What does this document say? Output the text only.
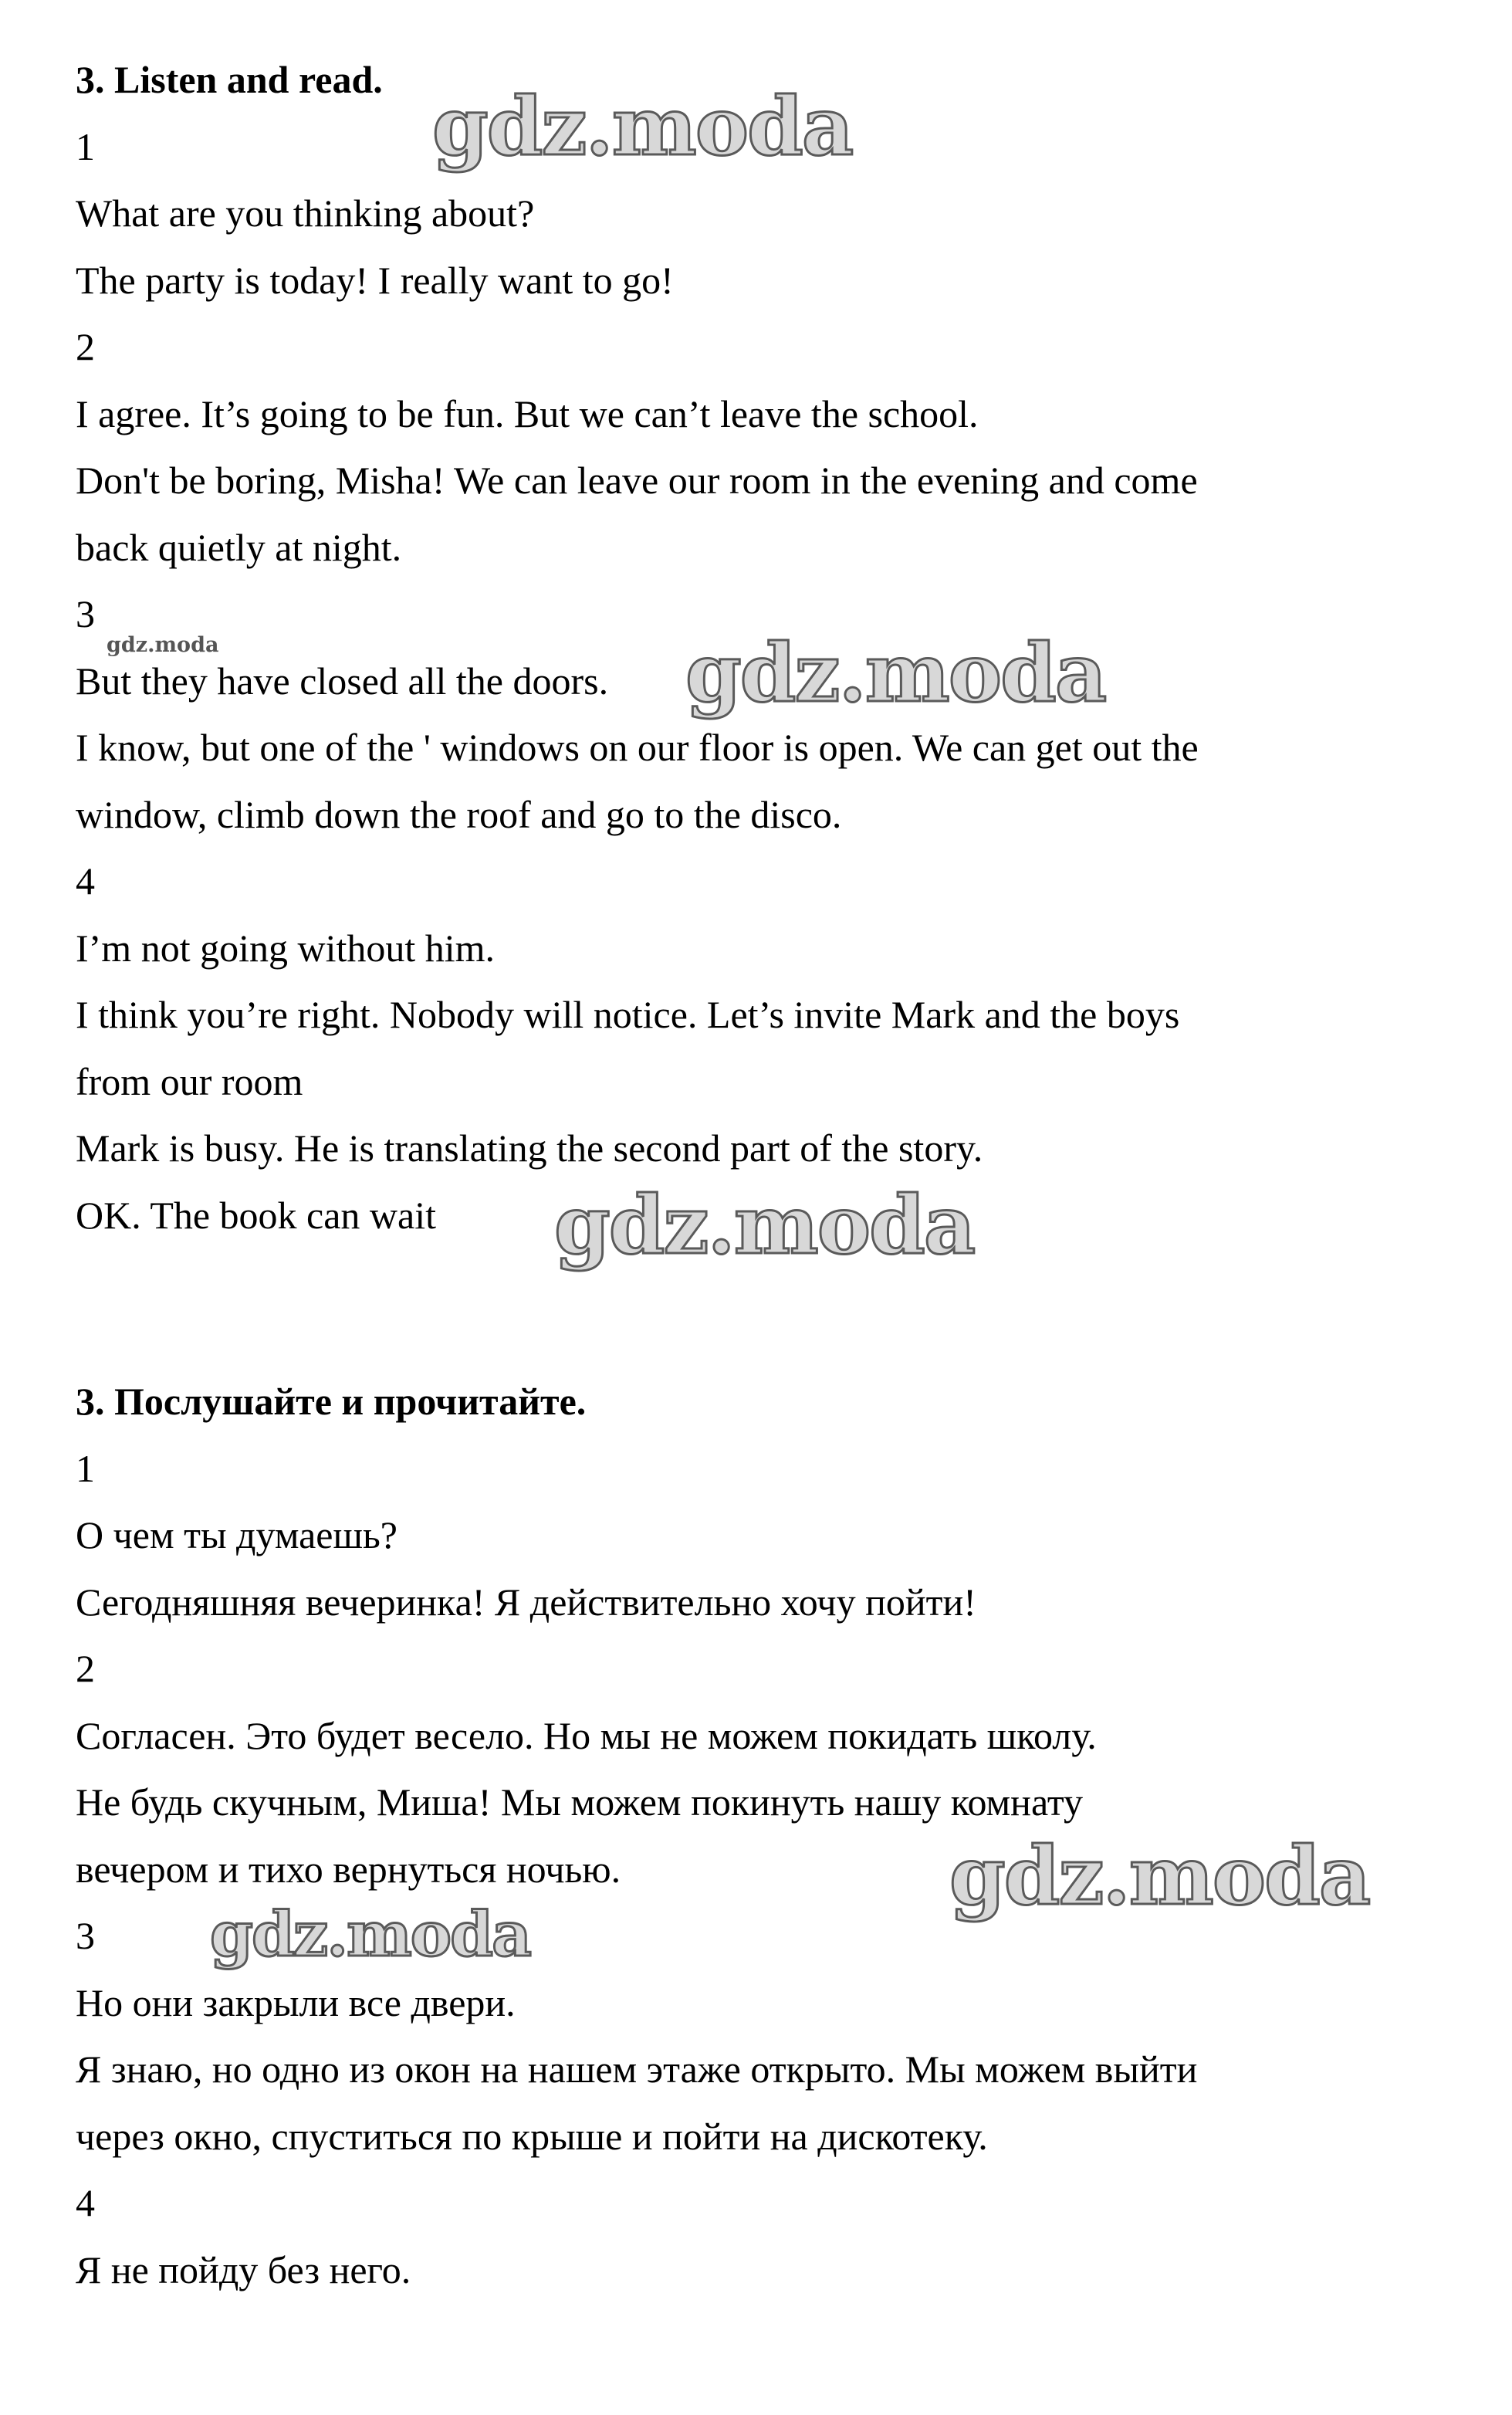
3. Listen and read.

1

What are you thinking about?

The party is today! I really want to go!

2

I agree. It’s going to be fun. But we can’t leave the school.

Don't be boring, Misha! We can leave our room in the evening and come

back quietly at night.

3

But they have closed all the doors.

I know, but one of the ' windows on our floor is open. We can get out the

window, climb down the roof and go to the disco.

4

I’m not going without him.

I think you’re right. Nobody will notice. Let’s invite Mark and the boys

from our room

Mark is busy. He is translating the second part of the story.

OK. The book can wait

3. Послушайте и прочитайте.

1

О чем ты думаешь?

Сегодняшняя вечеринка! Я действительно хочу пойти!

2

Согласен. Это будет весело. Но мы не можем покидать школу.

Не будь скучным, Миша! Мы можем покинуть нашу комнату

вечером и тихо вернуться ночью.

3

Но они закрыли все двери.

Я знаю, но одно из окон на нашем этаже открыто. Мы можем выйти

через окно, спуститься по крыше и пойти на дискотеку.

4

Я не пойду без него.

gdz.moda
gdz.moda	gdz.moda
gdz.moda
gdz.moda
gdz.moda
